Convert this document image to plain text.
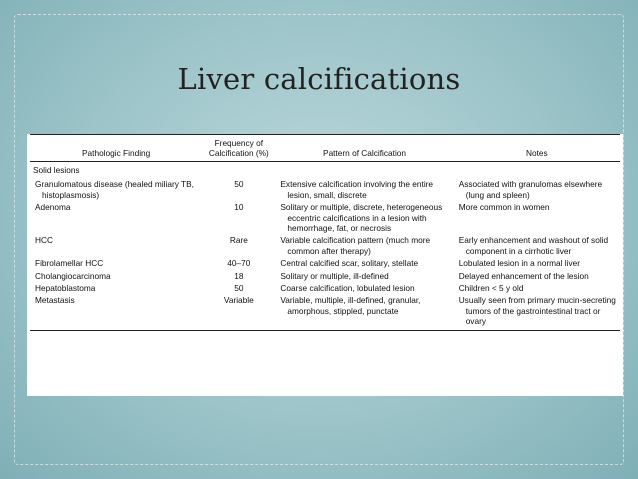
Liver calcifications
Pathologic Finding	Frequency of Calcification (%)	Pattern of Calcification	Notes
Solid lesions			
Granulomatous disease (healed miliary TB, histoplasmosis)	50	Extensive calcification involving the entire lesion, small, discrete	Associated with granulomas elsewhere (lung and spleen)
Adenoma	10	Solitary or multiple, discrete, heterogeneous eccentric calcifications in a lesion with hemorrhage, fat, or necrosis	More common in women
HCC	Rare	Variable calcification pattern (much more common after therapy)	Early enhancement and washout of solid component in a cirrhotic liver
Fibrolamellar HCC	40–70	Central calcified scar, solitary, stellate	Lobulated lesion in a normal liver
Cholangiocarcinoma	18	Solitary or multiple, ill-defined	Delayed enhancement of the lesion
Hepatoblastoma	50	Coarse calcification, lobulated lesion	Children < 5 y old
Metastasis	Variable	Variable, multiple, ill-defined, granular, amorphous, stippled, punctate	Usually seen from primary mucin-secreting tumors of the gastrointestinal tract or ovary
